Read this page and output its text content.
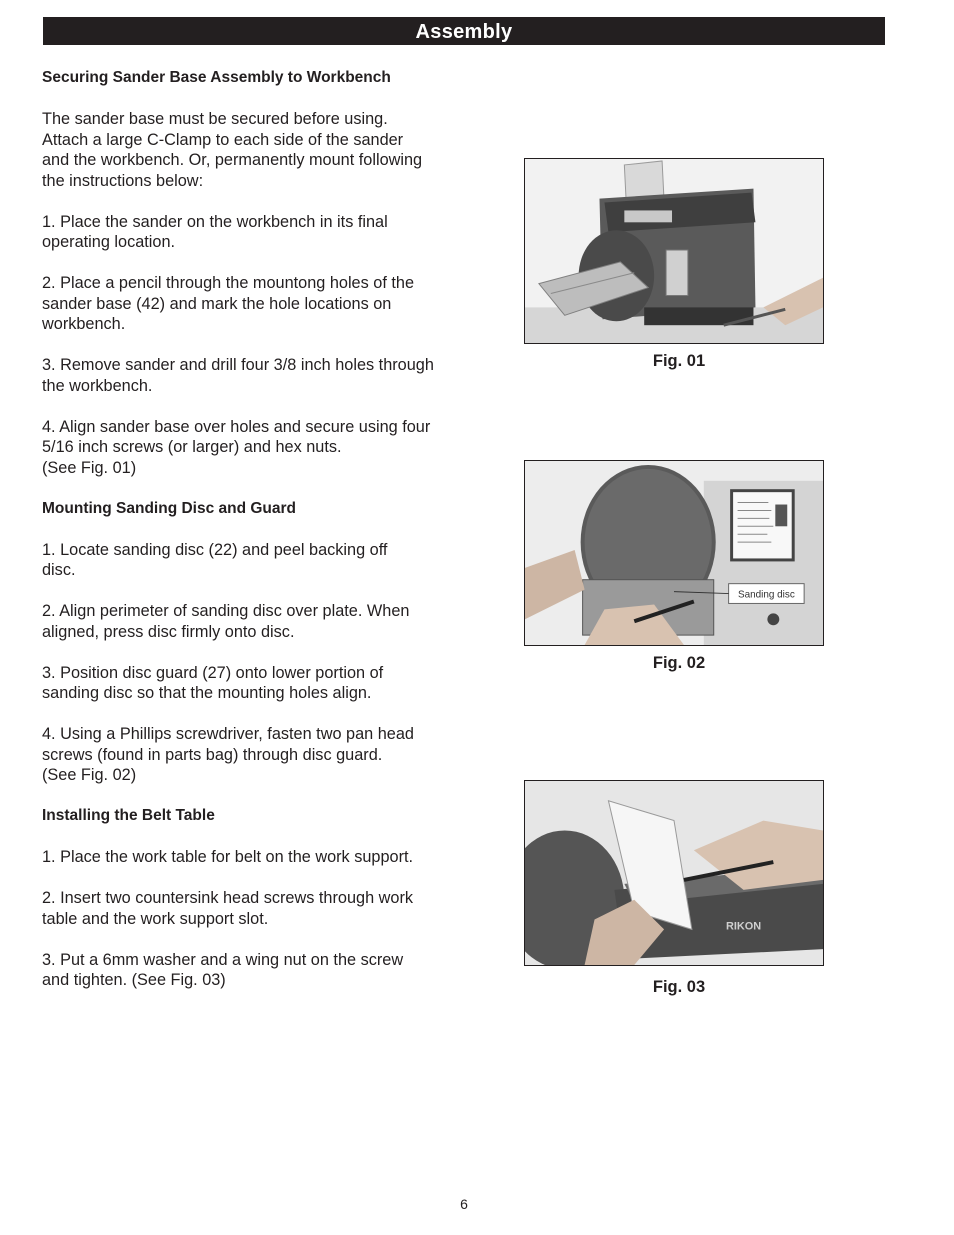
Assembly
Securing Sander Base Assembly to Workbench

The sander base must be secured before using.
Attach a large C-Clamp to each side of the sander
and the workbench. Or, permanently mount following
the instructions below:

1. Place the sander on the workbench in its final
operating location.

2. Place a pencil through the mountong holes of the
sander base (42) and mark the hole locations on
workbench.

3. Remove sander and drill four 3/8 inch holes through
the workbench.

4. Align sander base over holes and secure using four
5/16 inch screws (or larger) and hex nuts.
(See Fig. 01)

Mounting Sanding Disc and Guard

1. Locate sanding disc (22) and peel backing off
disc.

2. Align perimeter of sanding disc over plate. When
aligned, press disc firmly onto disc.

3. Position disc guard (27) onto lower portion of
sanding disc so that the mounting holes align.

4. Using a Phillips screwdriver, fasten two pan head
screws (found in parts bag) through disc guard.
(See Fig. 02)

Installing the Belt Table

1. Place the work table for belt on the work support.

2. Insert two countersink head screws through work
table and the work support slot.

3. Put a 6mm washer and a wing nut on the screw
and tighten. (See Fig. 03)

Fig. 01
Sanding disc
Fig. 02
RIKON
Fig. 03
6
